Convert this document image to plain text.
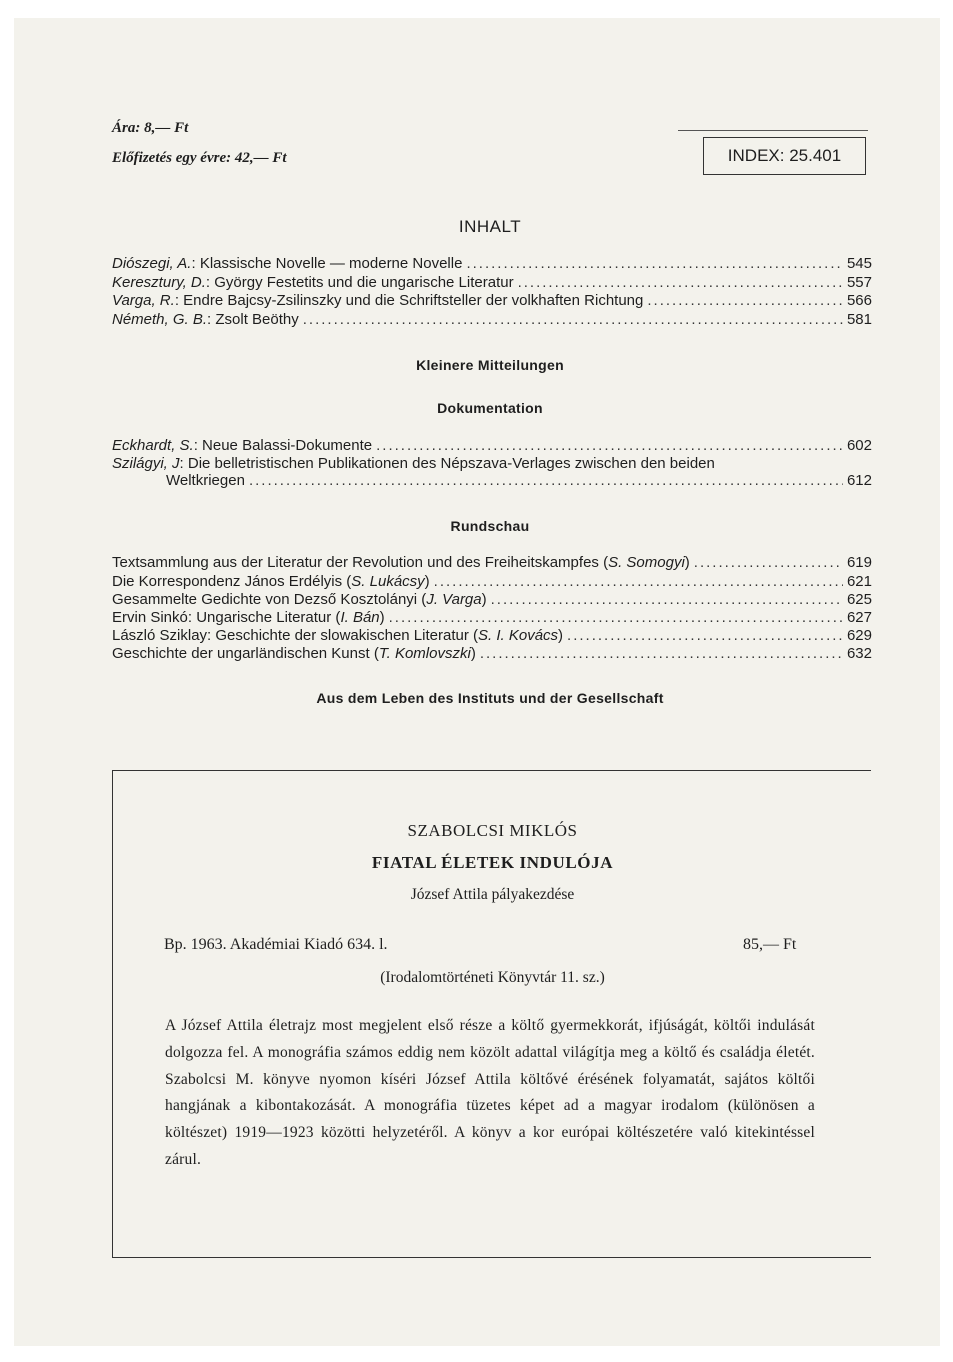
Ára: 8,— Ft
Előfizetés egy évre: 42,— Ft	INDEX: 25.401
INHALT
Diószegi, A. : Klassische Novelle — moderne Novelle .....	545
Keresztury, D. : György Festetits und die ungarische Literatur .....	557
Varga, R. : Endre Bajcsy-Zsilinszky und die Schriftsteller der volkhaften Richtung .....	566
Németh, G. B. : Zsolt Beöthy .....	581
Kleinere Mitteilungen
Dokumentation
Eckhardt, S. : Neue Balassi-Dokumente .....	602
Szilágyi, J: Die belletristischen Publikationen des Népszava-Verlages zwischen den beiden
Weltkriegen .....	612
Rundschau
Textsammlung aus der Literatur der Revolution und des Freiheitskampfes ( S. Somogyi ) .....	619
Die Korrespondenz János Erdélyis ( S. Lukácsy ) .....	621
Gesammelte Gedichte von Dezső Kosztolányi ( J. Varga ) .....	625
Ervin Sinkó: Ungarische Literatur ( I. Bán ) .....	627
László Sziklay: Geschichte der slowakischen Literatur ( S. I. Kovács ) .....	629
Geschichte der ungarländischen Kunst ( T. Komlovszki ) .....	632
Aus dem Leben des Instituts und der Gesellschaft
SZABOLCSI MIKLÓS
FIATAL ÉLETEK INDULÓJA
József Attila pályakezdése
Bp. 1963. Akadémiai Kiadó 634. l.	85,— Ft
(Irodalomtörténeti Könyvtár 11. sz.)
A József Attila életrajz most megjelent első része a költő gyermekkorát, ifjúságát, költői indulását dolgozza fel. A monográfia számos eddig nem közölt adattal világítja meg a költő és családja életét. Szabolcsi M. könyve nyomon kíséri József Attila költővé érésének folyamatát, sajátos költői hangjának a kibontakozását. A monográfia tüzetes képet ad a magyar irodalom (különösen a költészet) 1919—1923 közötti helyzetéről. A könyv a kor európai költészetére való kitekintéssel zárul.
